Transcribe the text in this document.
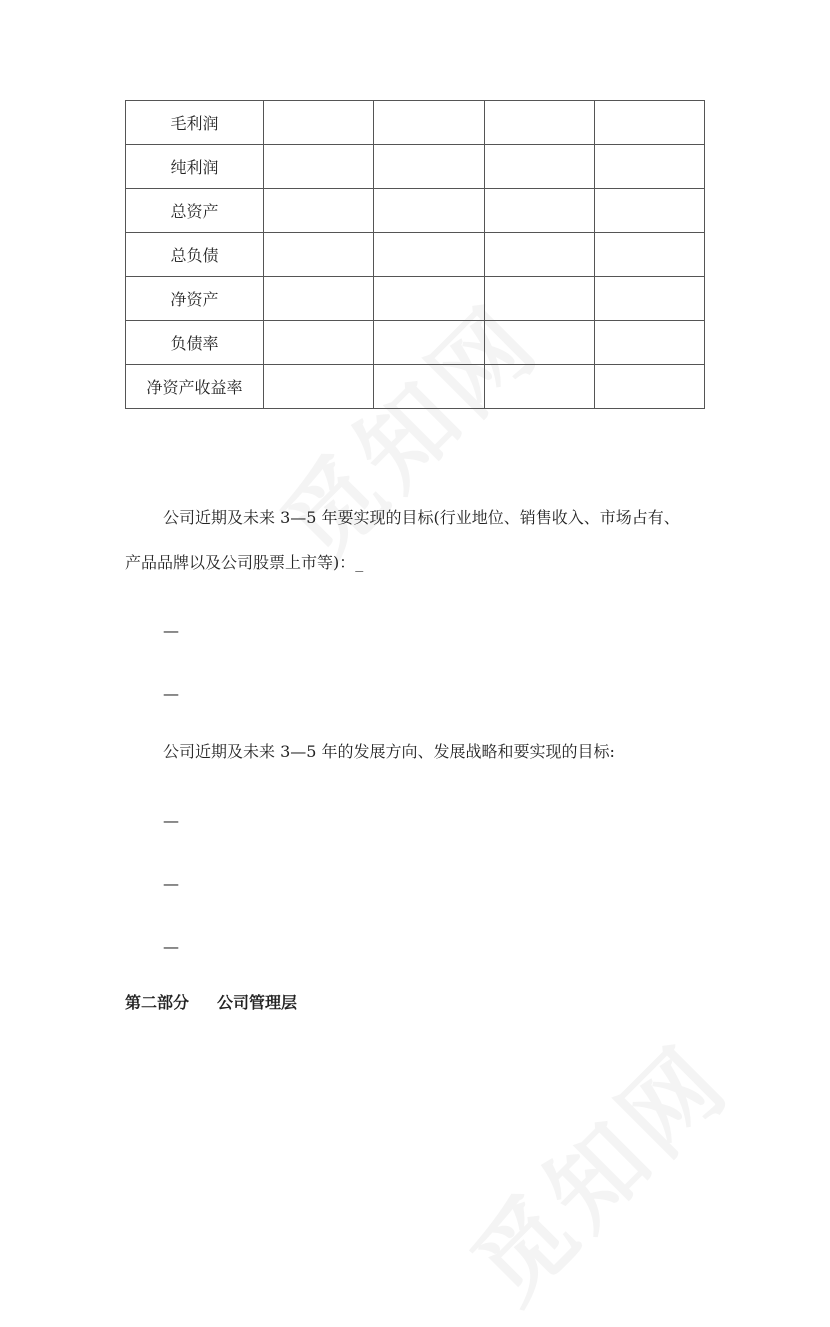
毛利润				
纯利润				
总资产				
总负债				
净资产				
负债率				
净资产收益率				

公司近期及未来 3—5 年要实现的目标(行业地位、销售收入、市场占有、

产品品牌以及公司股票上市等)：_

—
—

公司近期及未来 3—5 年的发展方向、发展战略和要实现的目标:

—
—
—
第二部分 公司管理层
